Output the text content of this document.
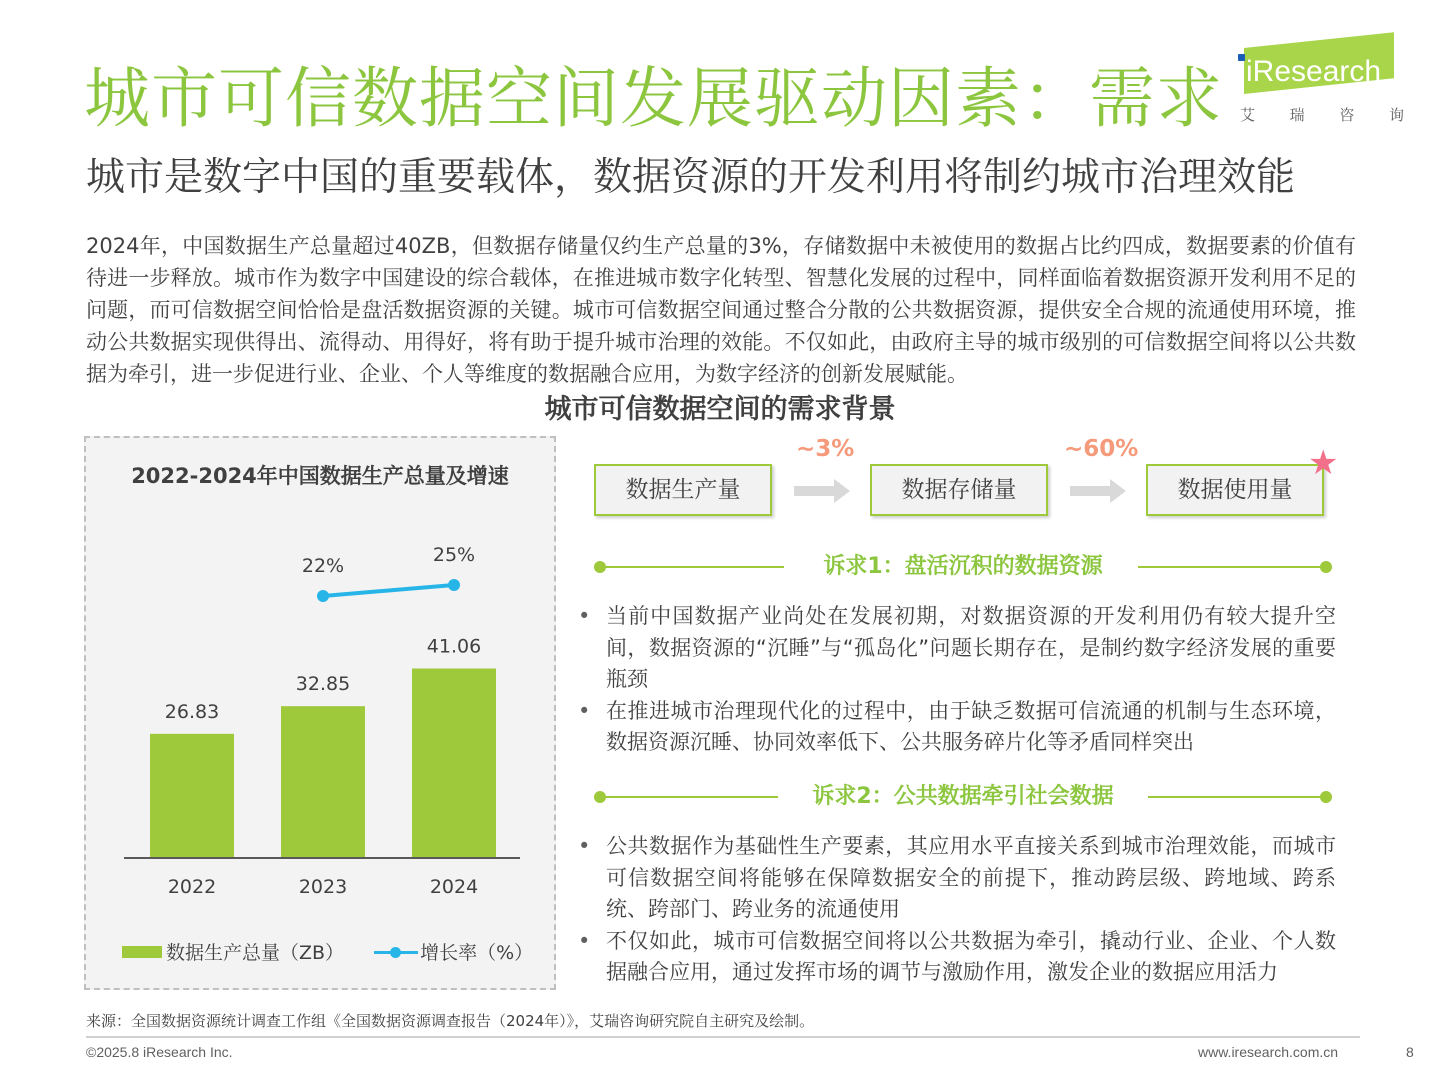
城市可信数据空间发展驱动因素：需求
城市是数字中国的重要载体，数据资源的开发利用将制约城市治理效能
iResearch
艾 瑞 咨 询
2024年，中国数据生产总量超过40ZB，但数据存储量仅约生产总量的3%，存储数据中未被使用的数据占比约四成，数据要素的价值有待进一步释放。城市作为数字中国建设的综合载体，在推进城市数字化转型、智慧化发展的过程中，同样面临着数据资源开发利用不足的问题，而可信数据空间恰恰是盘活数据资源的关键。城市可信数据空间通过整合分散的公共数据资源，提供安全合规的流通使用环境，推动公共数据实现供得出、流得动、用得好，将有助于提升城市治理的效能。不仅如此，由政府主导的城市级别的可信数据空间将以公共数据为牵引，进一步促进行业、企业、个人等维度的数据融合应用，为数字经济的创新发展赋能。
城市可信数据空间的需求背景
2022-2024年中国数据生产总量及增速
26.83
2022
32.85
2023
41.06
2024
22%	25%
数据生产总量（ZB）	增长率（%）
数据生产量	数据存储量	数据使用量
~3%	~60%	★
诉求1：盘活沉积的数据资源
• 当前中国数据产业尚处在发展初期，对数据资源的开发利用仍有较大提升空间，数据资源的“沉睡”与“孤岛化”问题长期存在，是制约数字经济发展的重要瓶颈
• 在推进城市治理现代化的过程中，由于缺乏数据可信流通的机制与生态环境，数据资源沉睡、协同效率低下、公共服务碎片化等矛盾同样突出
诉求2：公共数据牵引社会数据
• 公共数据作为基础性生产要素，其应用水平直接关系到城市治理效能，而城市可信数据空间将能够在保障数据安全的前提下，推动跨层级、跨地域、跨系统、跨部门、跨业务的流通使用
• 不仅如此，城市可信数据空间将以公共数据为牵引，撬动行业、企业、个人数据融合应用，通过发挥市场的调节与激励作用，激发企业的数据应用活力
来源：全国数据资源统计调查工作组《全国数据资源调查报告（2024年）》，艾瑞咨询研究院自主研究及绘制。
©2025.8 iResearch Inc.	www.iresearch.com.cn	8
